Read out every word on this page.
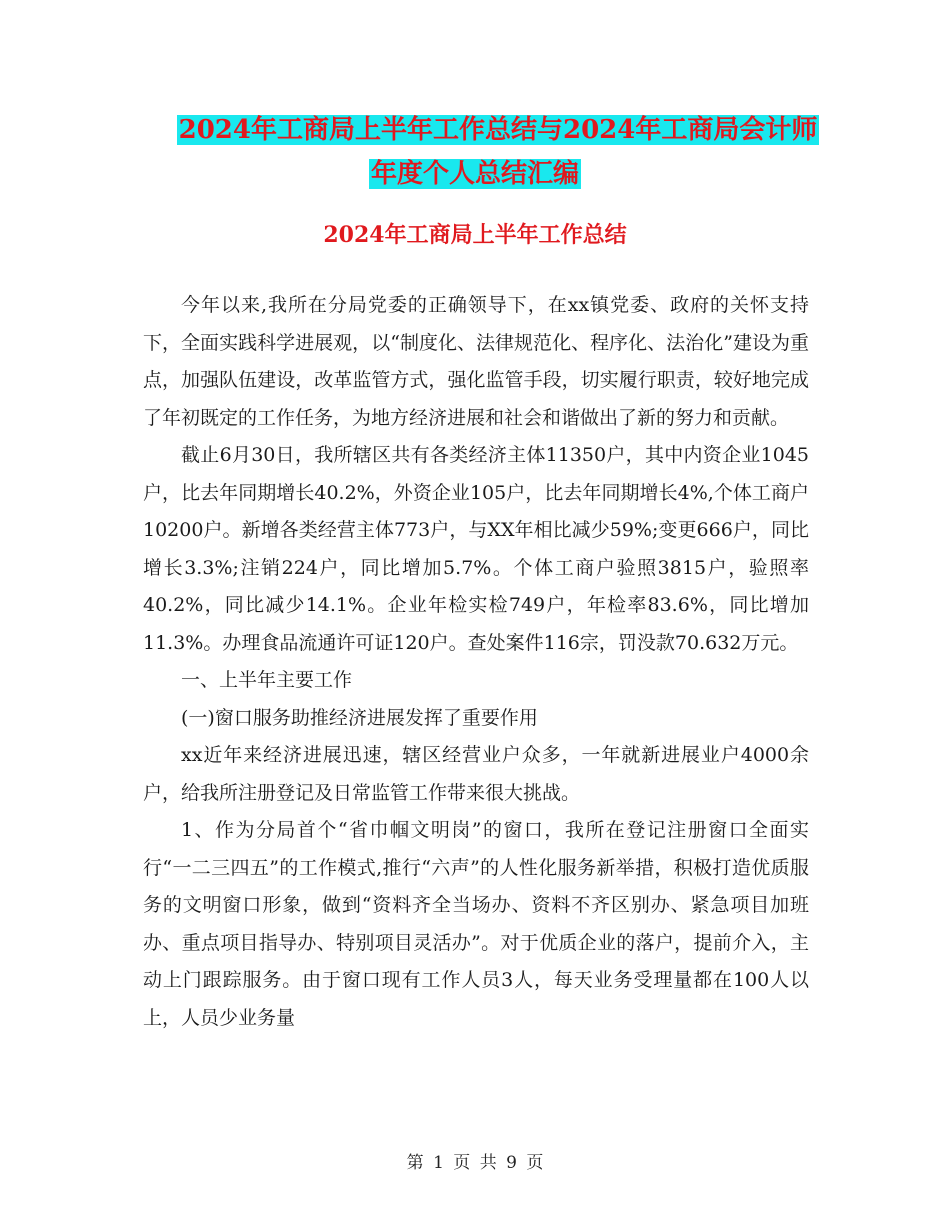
2024年工商局上半年工作总结与2024年工商局会计师
年度个人总结汇编
2024年工商局上半年工作总结

今年以来,我所在分局党委的正确领导下，在xx镇党委、政府的关怀支持下，全面实践科学进展观，以“制度化、法律规范化、程序化、法治化”建设为重点，加强队伍建设，改革监管方式，强化监管手段，切实履行职责，较好地完成了年初既定的工作任务，为地方经济进展和社会和谐做出了新的努力和贡献。

截止6月30日，我所辖区共有各类经济主体11350户，其中内资企业1045户，比去年同期增长40.2%，外资企业105户，比去年同期增长4%,个体工商户10200户。新增各类经营主体773户，与XX年相比减少59%;变更666户，同比增长3.3%;注销224户，同比增加5.7%。个体工商户验照3815户，验照率40.2%，同比减少14.1%。企业年检实检749户，年检率83.6%，同比增加11.3%。办理食品流通许可证120户。查处案件116宗，罚没款70.632万元。

一、上半年主要工作

(一)窗口服务助推经济进展发挥了重要作用

xx近年来经济进展迅速，辖区经营业户众多，一年就新进展业户4000余户，给我所注册登记及日常监管工作带来很大挑战。

1、作为分局首个“省巾帼文明岗”的窗口，我所在登记注册窗口全面实行“一二三四五”的工作模式,推行“六声”的人性化服务新举措，积极打造优质服务的文明窗口形象，做到“资料齐全当场办、资料不齐区别办、紧急项目加班办、重点项目指导办、特别项目灵活办”。对于优质企业的落户，提前介入，主动上门跟踪服务。由于窗口现有工作人员3人，每天业务受理量都在100人以上，人员少业务量

第 1 页 共 9 页
